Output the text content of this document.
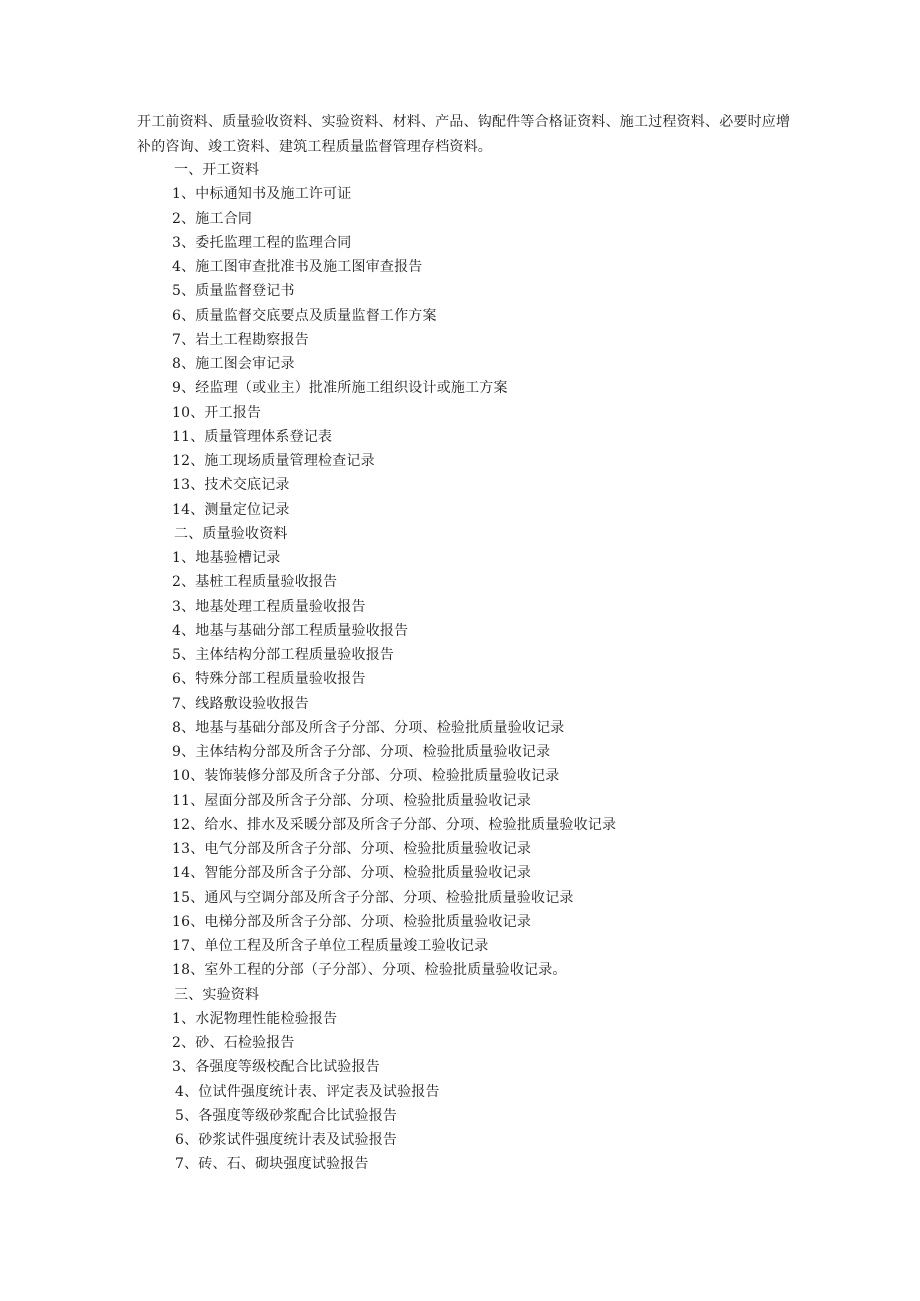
开工前资料、质量验收资料、实验资料、材料、产品、钩配件等合格证资料、施工过程资料、必要时应增补的咨询、竣工资料、建筑工程质量监督管理存档资料。

一、开工资料
1、中标通知书及施工许可证
2、施工合同
3、委托监理工程的监理合同
4、施工图审查批准书及施工图审查报告
5、质量监督登记书
6、质量监督交底要点及质量监督工作方案
7、岩土工程勘察报告
8、施工图会审记录
9、经监理（或业主）批准所施工组织设计或施工方案
10、开工报告
11、质量管理体系登记表
12、施工现场质量管理检查记录
13、技术交底记录
14、测量定位记录
二、质量验收资料
1、地基验槽记录
2、基桩工程质量验收报告
3、地基处理工程质量验收报告
4、地基与基础分部工程质量验收报告
5、主体结构分部工程质量验收报告
6、特殊分部工程质量验收报告
7、线路敷设验收报告
8、地基与基础分部及所含子分部、分项、检验批质量验收记录
9、主体结构分部及所含子分部、分项、检验批质量验收记录
10、装饰装修分部及所含子分部、分项、检验批质量验收记录
11、屋面分部及所含子分部、分项、检验批质量验收记录
12、给水、排水及采暖分部及所含子分部、分项、检验批质量验收记录
13、电气分部及所含子分部、分项、检验批质量验收记录
14、智能分部及所含子分部、分项、检验批质量验收记录
15、通风与空调分部及所含子分部、分项、检验批质量验收记录
16、电梯分部及所含子分部、分项、检验批质量验收记录
17、单位工程及所含子单位工程质量竣工验收记录
18、室外工程的分部（子分部）、分项、检验批质量验收记录。
三、实验资料
1、水泥物理性能检验报告
2、砂、石检验报告
3、各强度等级校配合比试验报告
4、位试件强度统计表、评定表及试验报告
5、各强度等级砂浆配合比试验报告
6、砂浆试件强度统计表及试验报告
7、砖、石、砌块强度试验报告
